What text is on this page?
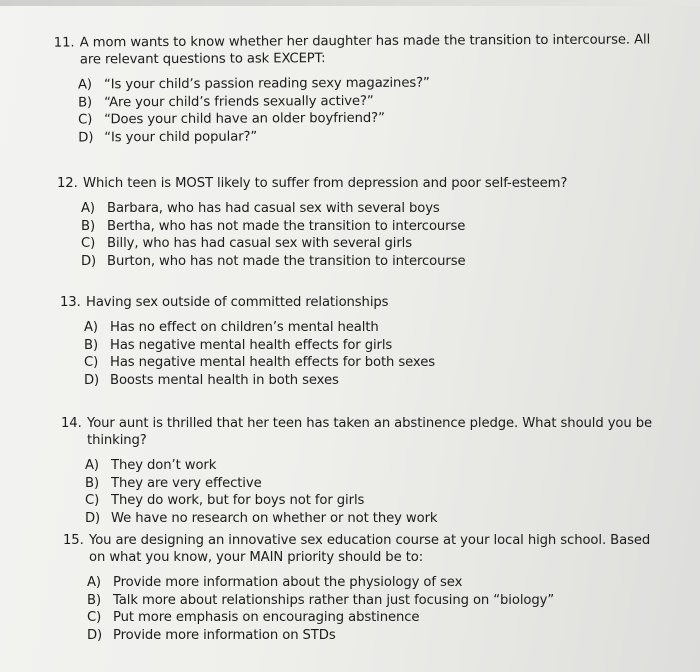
11. A mom wants to know whether her daughter has made the transition to intercourse. All are relevant questions to ask EXCEPT:
A) “Is your child’s passion reading sexy magazines?”
B) “Are your child’s friends sexually active?”
C) “Does your child have an older boyfriend?”
D) “Is your child popular?”
12. Which teen is MOST likely to suffer from depression and poor self-esteem?
A) Barbara, who has had casual sex with several boys
B) Bertha, who has not made the transition to intercourse
C) Billy, who has had casual sex with several girls
D) Burton, who has not made the transition to intercourse
13. Having sex outside of committed relationships
A) Has no effect on children’s mental health
B) Has negative mental health effects for girls
C) Has negative mental health effects for both sexes
D) Boosts mental health in both sexes
14. Your aunt is thrilled that her teen has taken an abstinence pledge. What should you be thinking?
A) They don’t work
B) They are very effective
C) They do work, but for boys not for girls
D) We have no research on whether or not they work
15. You are designing an innovative sex education course at your local high school. Based on what you know, your MAIN priority should be to:
A) Provide more information about the physiology of sex
B) Talk more about relationships rather than just focusing on “biology”
C) Put more emphasis on encouraging abstinence
D) Provide more information on STDs
